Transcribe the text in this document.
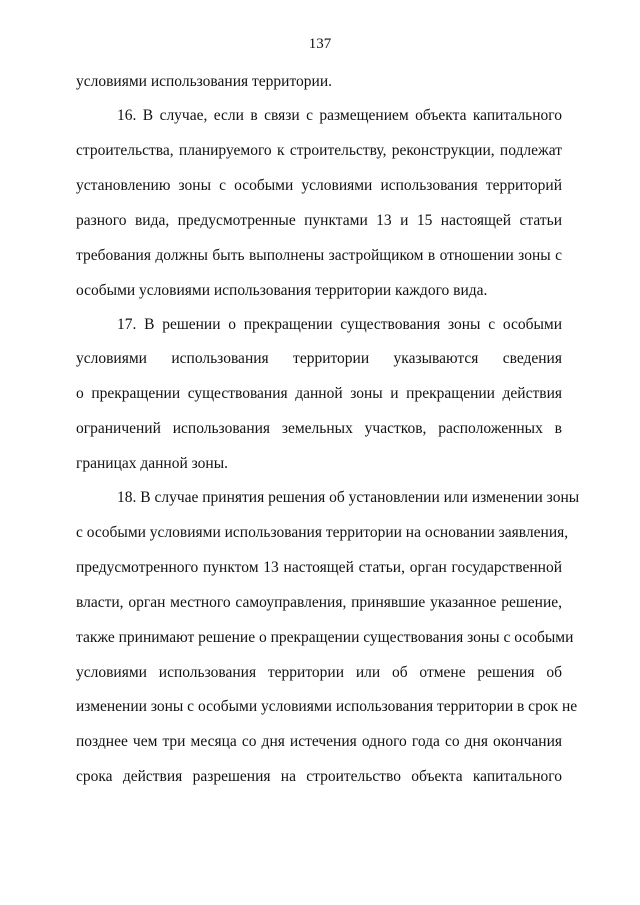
137
условиями использования территории.
16. В случае, если в связи с размещением объекта капитального
строительства, планируемого к строительству, реконструкции, подлежат
установлению зоны с особыми условиями использования территорий
разного вида, предусмотренные пунктами 13 и 15 настоящей статьи
требования должны быть выполнены застройщиком в отношении зоны с
особыми условиями использования территории каждого вида.
17. В решении о прекращении существования зоны с особыми
условиями использования территории указываются сведения
о прекращении существования данной зоны и прекращении действия
ограничений использования земельных участков, расположенных в
границах данной зоны.
18. В случае принятия решения об установлении или изменении зоны
с особыми условиями использования территории на основании заявления,
предусмотренного пунктом 13 настоящей статьи, орган государственной
власти, орган местного самоуправления, принявшие указанное решение,
также принимают решение о прекращении существования зоны с особыми
условиями использования территории или об отмене решения об
изменении зоны с особыми условиями использования территории в срок не
позднее чем три месяца со дня истечения одного года со дня окончания
срока действия разрешения на строительство объекта капитального
